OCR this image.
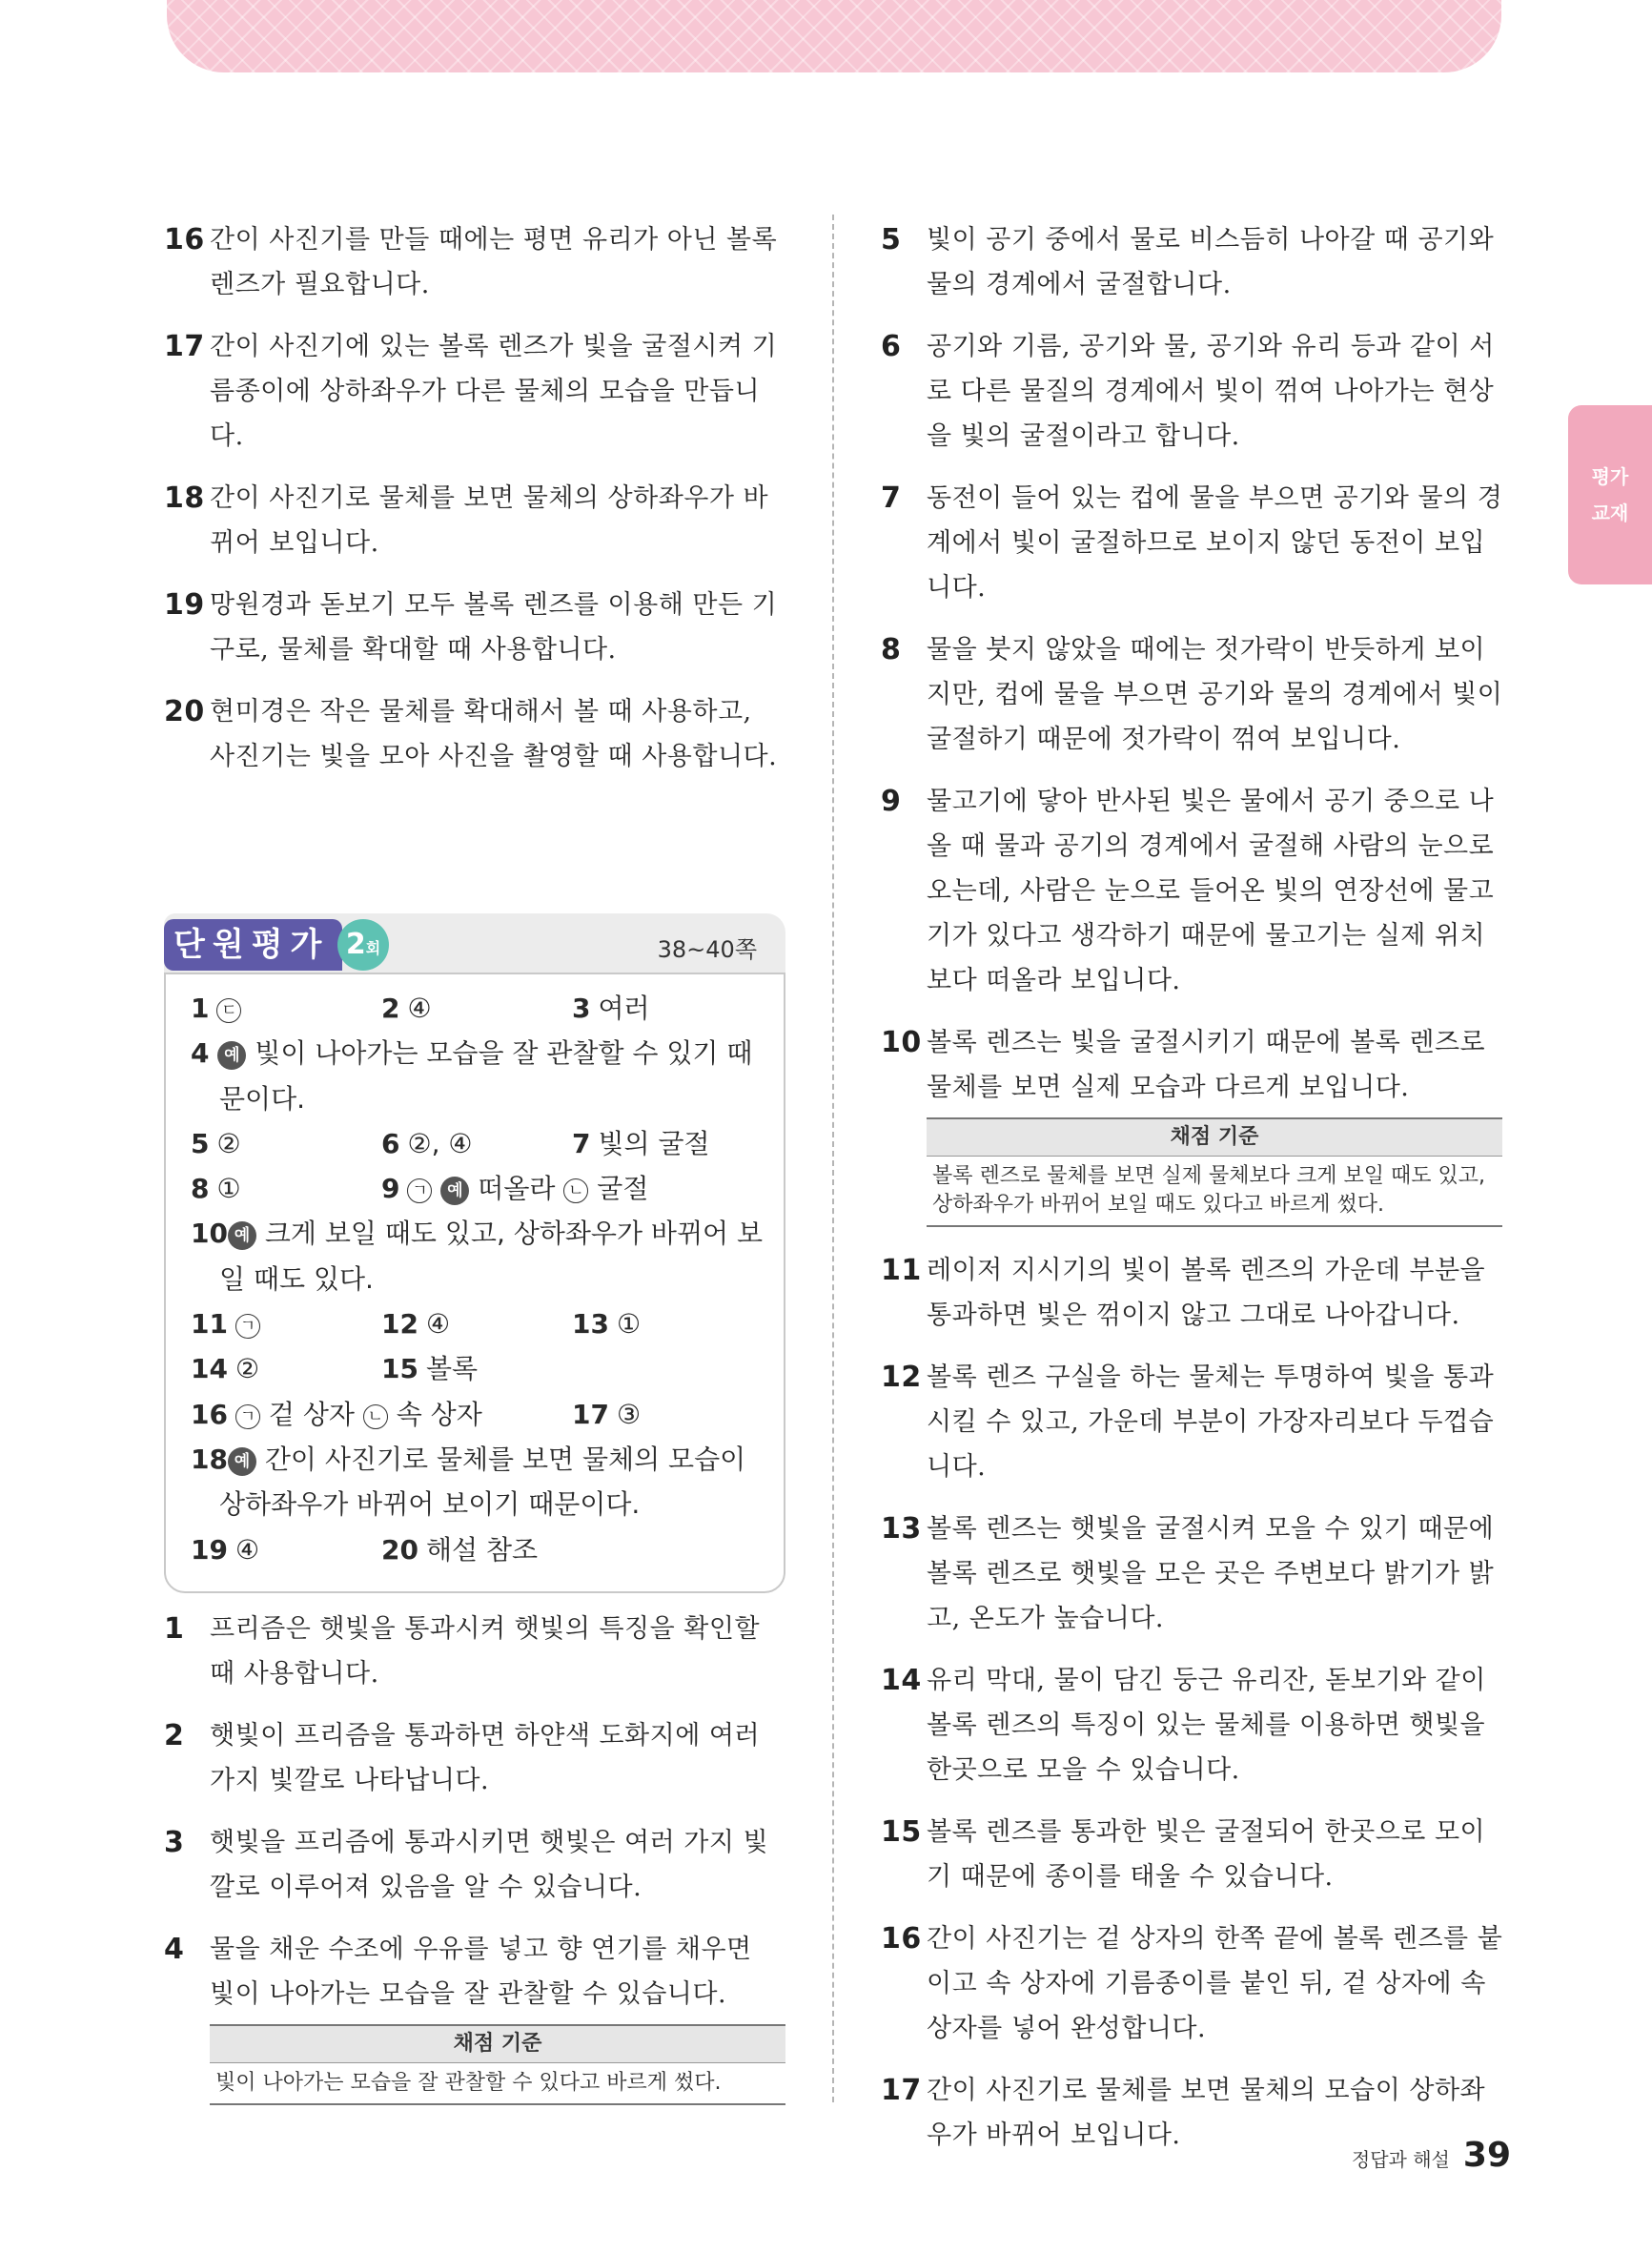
평가
교재
16 간이 사진기를 만들 때에는 평면 유리가 아닌 볼록 렌즈가 필요합니다.
17 간이 사진기에 있는 볼록 렌즈가 빛을 굴절시켜 기름종이에 상하좌우가 다른 물체의 모습을 만듭니다.
18 간이 사진기로 물체를 보면 물체의 상하좌우가 바뀌어 보입니다.
19 망원경과 돋보기 모두 볼록 렌즈를 이용해 만든 기구로, 물체를 확대할 때 사용합니다.
20 현미경은 작은 물체를 확대해서 볼 때 사용하고, 사진기는 빛을 모아 사진을 촬영할 때 사용합니다.
단원평가 2회	38~40쪽
1 ㄷ	2 ④	3 여러
4 예 빛이 나아가는 모습을 잘 관찰할 수 있기 때
문이다.
5 ②	6 ②, ④	7 빛의 굴절
8 ①	9 ㄱ 예 떠올라 ㄴ 굴절
10 예 크게 보일 때도 있고, 상하좌우가 바뀌어 보
일 때도 있다.
11 ㄱ	12 ④	13 ①
14 ②	15 볼록
16 ㄱ 겉 상자 ㄴ 속 상자	17 ③
18 예 간이 사진기로 물체를 보면 물체의 모습이
상하좌우가 바뀌어 보이기 때문이다.
19 ④	20 해설 참조
1 프리즘은 햇빛을 통과시켜 햇빛의 특징을 확인할 때 사용합니다.
2 햇빛이 프리즘을 통과하면 하얀색 도화지에 여러 가지 빛깔로 나타납니다.
3 햇빛을 프리즘에 통과시키면 햇빛은 여러 가지 빛깔로 이루어져 있음을 알 수 있습니다.
4 물을 채운 수조에 우유를 넣고 향 연기를 채우면 빛이 나아가는 모습을 잘 관찰할 수 있습니다.
채점 기준
빛이 나아가는 모습을 잘 관찰할 수 있다고 바르게 썼다.
5 빛이 공기 중에서 물로 비스듬히 나아갈 때 공기와 물의 경계에서 굴절합니다.
6 공기와 기름, 공기와 물, 공기와 유리 등과 같이 서로 다른 물질의 경계에서 빛이 꺾여 나아가는 현상을 빛의 굴절이라고 합니다.
7 동전이 들어 있는 컵에 물을 부으면 공기와 물의 경계에서 빛이 굴절하므로 보이지 않던 동전이 보입니다.
8 물을 붓지 않았을 때에는 젓가락이 반듯하게 보이지만, 컵에 물을 부으면 공기와 물의 경계에서 빛이 굴절하기 때문에 젓가락이 꺾여 보입니다.
9 물고기에 닿아 반사된 빛은 물에서 공기 중으로 나올 때 물과 공기의 경계에서 굴절해 사람의 눈으로 오는데, 사람은 눈으로 들어온 빛의 연장선에 물고기가 있다고 생각하기 때문에 물고기는 실제 위치보다 떠올라 보입니다.
10 볼록 렌즈는 빛을 굴절시키기 때문에 볼록 렌즈로 물체를 보면 실제 모습과 다르게 보입니다.
채점 기준
볼록 렌즈로 물체를 보면 실제 물체보다 크게 보일 때도 있고, 상하좌우가 바뀌어 보일 때도 있다고 바르게 썼다.
11 레이저 지시기의 빛이 볼록 렌즈의 가운데 부분을 통과하면 빛은 꺾이지 않고 그대로 나아갑니다.
12 볼록 렌즈 구실을 하는 물체는 투명하여 빛을 통과시킬 수 있고, 가운데 부분이 가장자리보다 두껍습니다.
13 볼록 렌즈는 햇빛을 굴절시켜 모을 수 있기 때문에 볼록 렌즈로 햇빛을 모은 곳은 주변보다 밝기가 밝고, 온도가 높습니다.
14 유리 막대, 물이 담긴 둥근 유리잔, 돋보기와 같이 볼록 렌즈의 특징이 있는 물체를 이용하면 햇빛을 한곳으로 모을 수 있습니다.
15 볼록 렌즈를 통과한 빛은 굴절되어 한곳으로 모이기 때문에 종이를 태울 수 있습니다.
16 간이 사진기는 겉 상자의 한쪽 끝에 볼록 렌즈를 붙이고 속 상자에 기름종이를 붙인 뒤, 겉 상자에 속 상자를 넣어 완성합니다.
17 간이 사진기로 물체를 보면 물체의 모습이 상하좌우가 바뀌어 보입니다.
정답과 해설 39
